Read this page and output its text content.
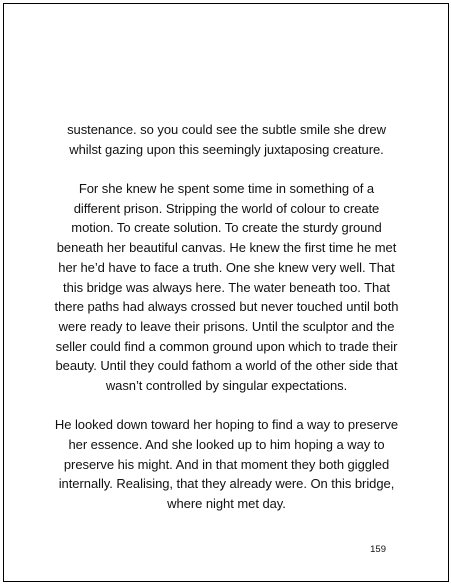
sustenance. so you could see the subtle smile she drew whilst gazing upon this seemingly juxtaposing creature.

For she knew he spent some time in something of a different prison. Stripping the world of colour to create motion. To create solution. To create the sturdy ground beneath her beautiful canvas. He knew the first time he met her he’d have to face a truth. One she knew very well. That this bridge was always here. The water beneath too. That there paths had always crossed but never touched until both were ready to leave their prisons. Until the sculptor and the seller could find a common ground upon which to trade their beauty. Until they could fathom a world of the other side that wasn’t controlled by singular expectations.

He looked down toward her hoping to find a way to preserve her essence. And she looked up to him hoping a way to preserve his might. And in that moment they both giggled internally. Realising, that they already were. On this bridge, where night met day.

159
